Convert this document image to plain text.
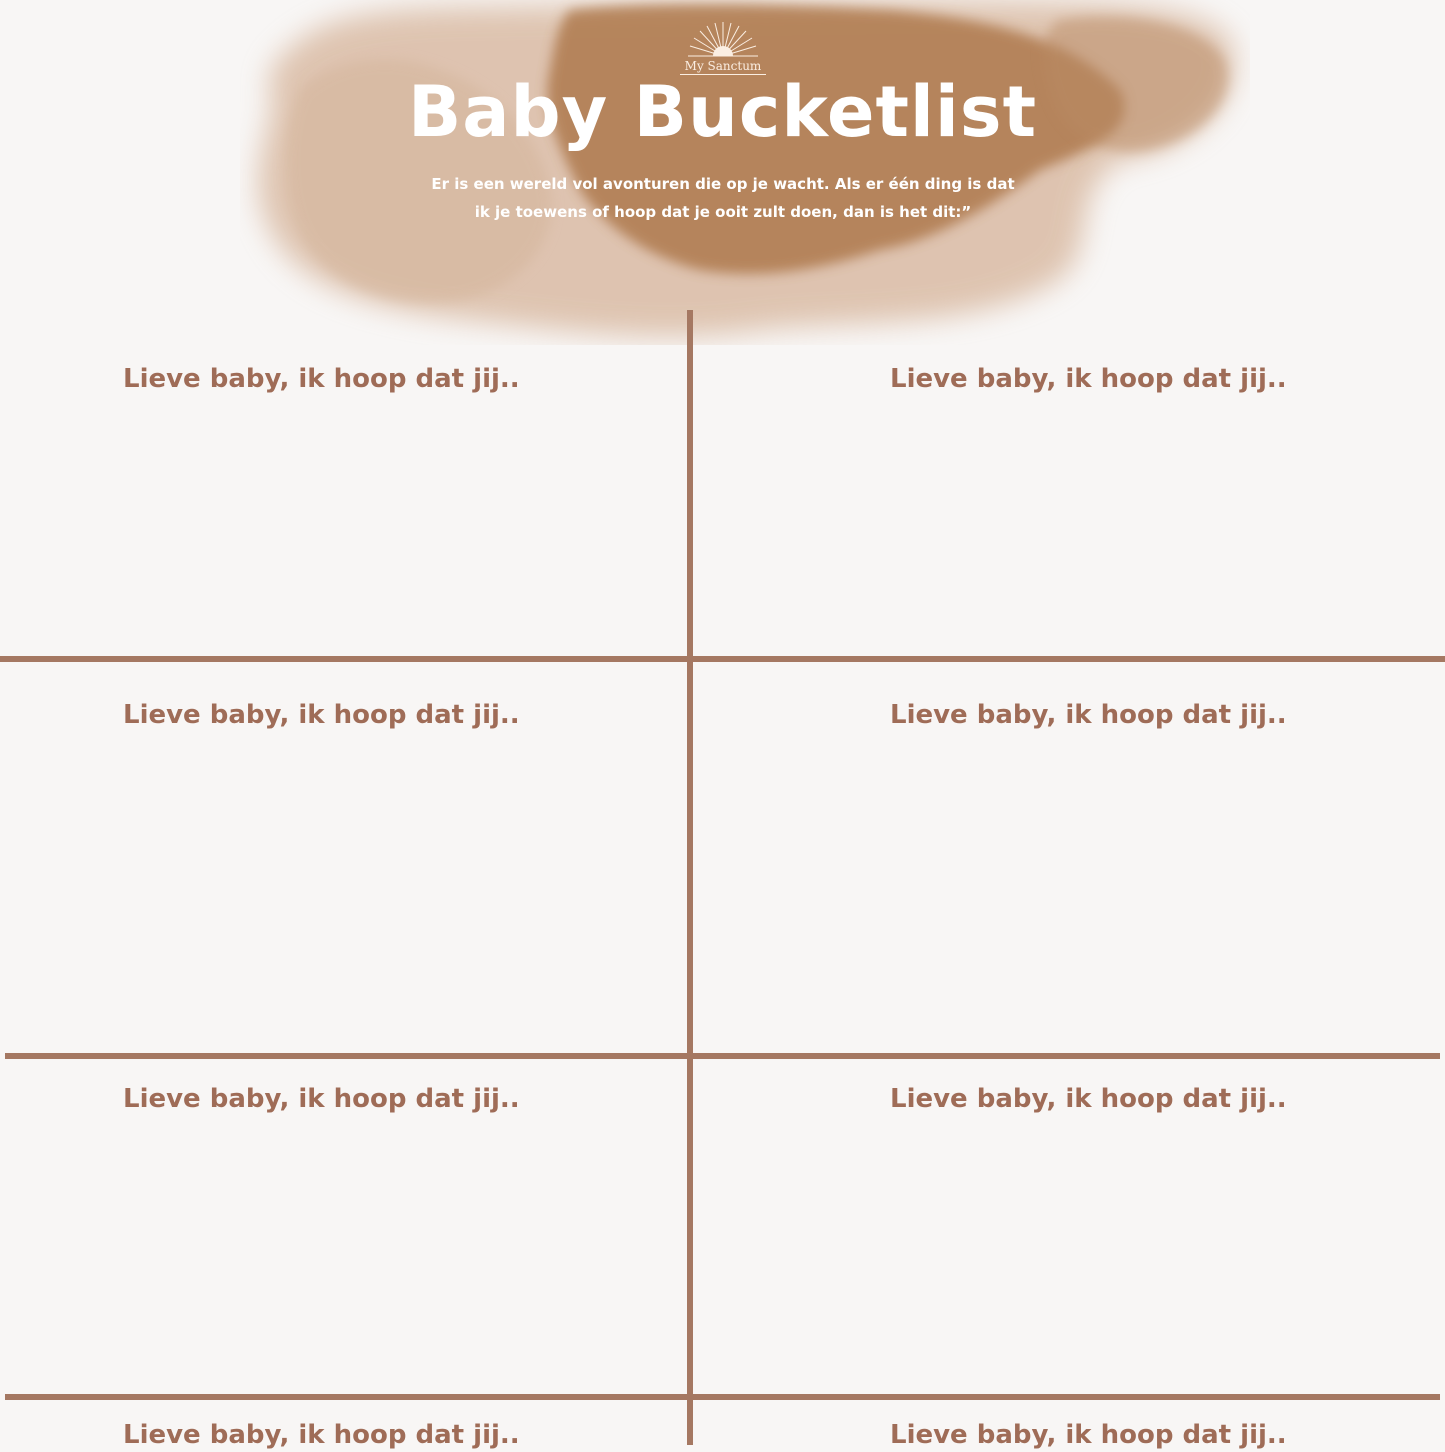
My Sanctum
Baby Bucketlist

Er is een wereld vol avonturen die op je wacht. Als er één ding is dat ik je toewens of hoop dat je ooit zult doen, dan is het dit:”

Lieve baby, ik hoop dat jij..	Lieve baby, ik hoop dat jij..

Lieve baby, ik hoop dat jij..	Lieve baby, ik hoop dat jij..

Lieve baby, ik hoop dat jij..	Lieve baby, ik hoop dat jij..

Lieve baby, ik hoop dat jij..	Lieve baby, ik hoop dat jij..
